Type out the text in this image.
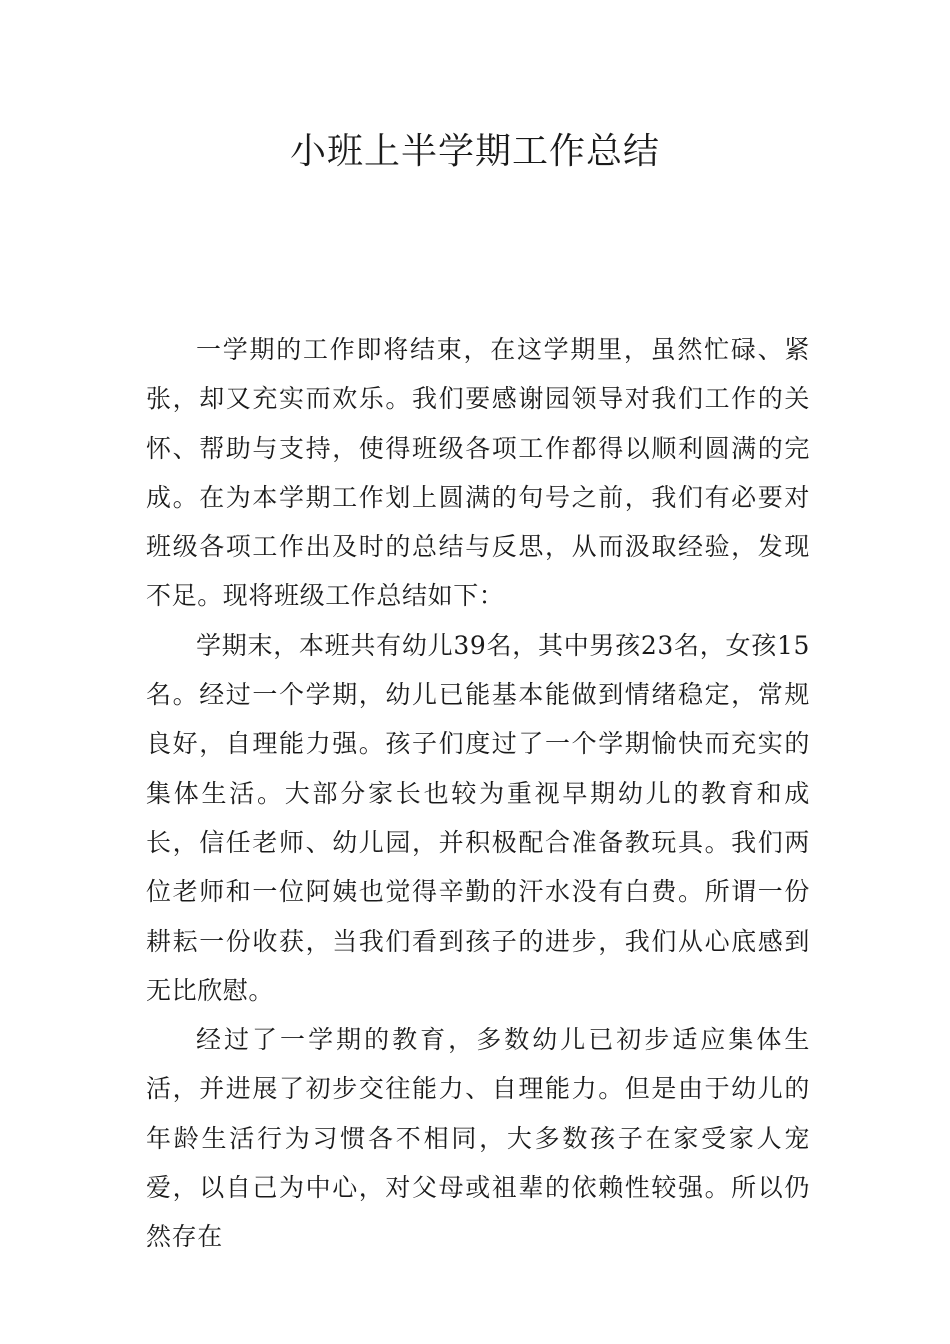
小班上半学期工作总结

一学期的工作即将结束，在这学期里，虽然忙碌、紧张，却又充实而欢乐。我们要感谢园领导对我们工作的关怀、帮助与支持，使得班级各项工作都得以顺利圆满的完成。在为本学期工作划上圆满的句号之前，我们有必要对班级各项工作出及时的总结与反思，从而汲取经验，发现不足。现将班级工作总结如下：

学期末，本班共有幼儿39名，其中男孩23名，女孩15名。经过一个学期，幼儿已能基本能做到情绪稳定，常规良好，自理能力强。孩子们度过了一个学期愉快而充实的集体生活。大部分家长也较为重视早期幼儿的教育和成长，信任老师、幼儿园，并积极配合准备教玩具。我们两位老师和一位阿姨也觉得辛勤的汗水没有白费。所谓一份耕耘一份收获，当我们看到孩子的进步，我们从心底感到无比欣慰。

经过了一学期的教育，多数幼儿已初步适应集体生活，并进展了初步交往能力、自理能力。但是由于幼儿的年龄生活行为习惯各不相同，大多数孩子在家受家人宠爱，以自己为中心，对父母或祖辈的依赖性较强。所以仍然存在
